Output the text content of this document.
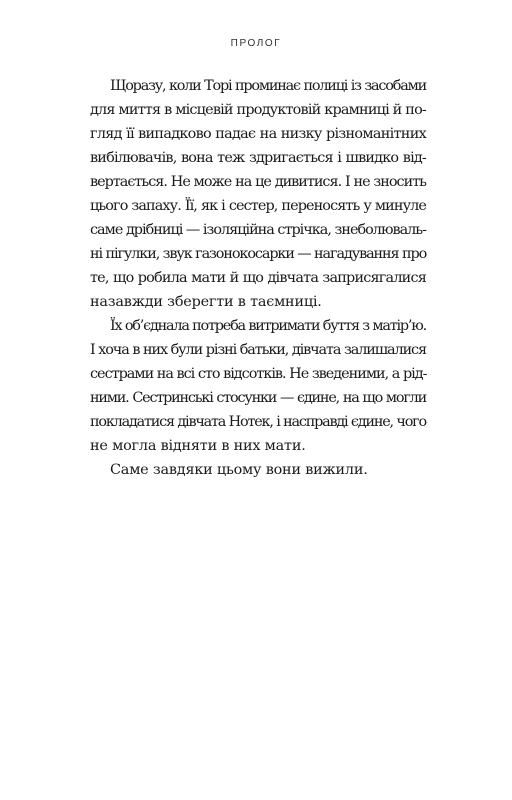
ПРОЛОГ
Щоразу, коли Торі проминає полиці із засобами
для миття в місцевій продуктовій крамниці й по-
гляд її випадково падає на низку різноманітних
вибілювачів, вона теж здригається і швидко від-
вертається. Не може на це дивитися. І не зносить
цього запаху. Її, як і сестер, переносять у минуле
саме дрібниці — ізоляційна стрічка, знеболюваль-
ні пігулки, звук газонокосарки — нагадування про
те, що робила мати й що дівчата заприсягалися
назавжди зберегти в таємниці.
Їх об’єднала потреба витримати буття з матір’ю.
І хоча в них були різні батьки, дівчата залишалися
сестрами на всі сто відсотків. Не зведеними, а рід-
ними. Сестринські стосунки — єдине, на що могли
покладатися дівчата Нотек, і насправді єдине, чого
не могла відняти в них мати.
Саме завдяки цьому вони вижили.
